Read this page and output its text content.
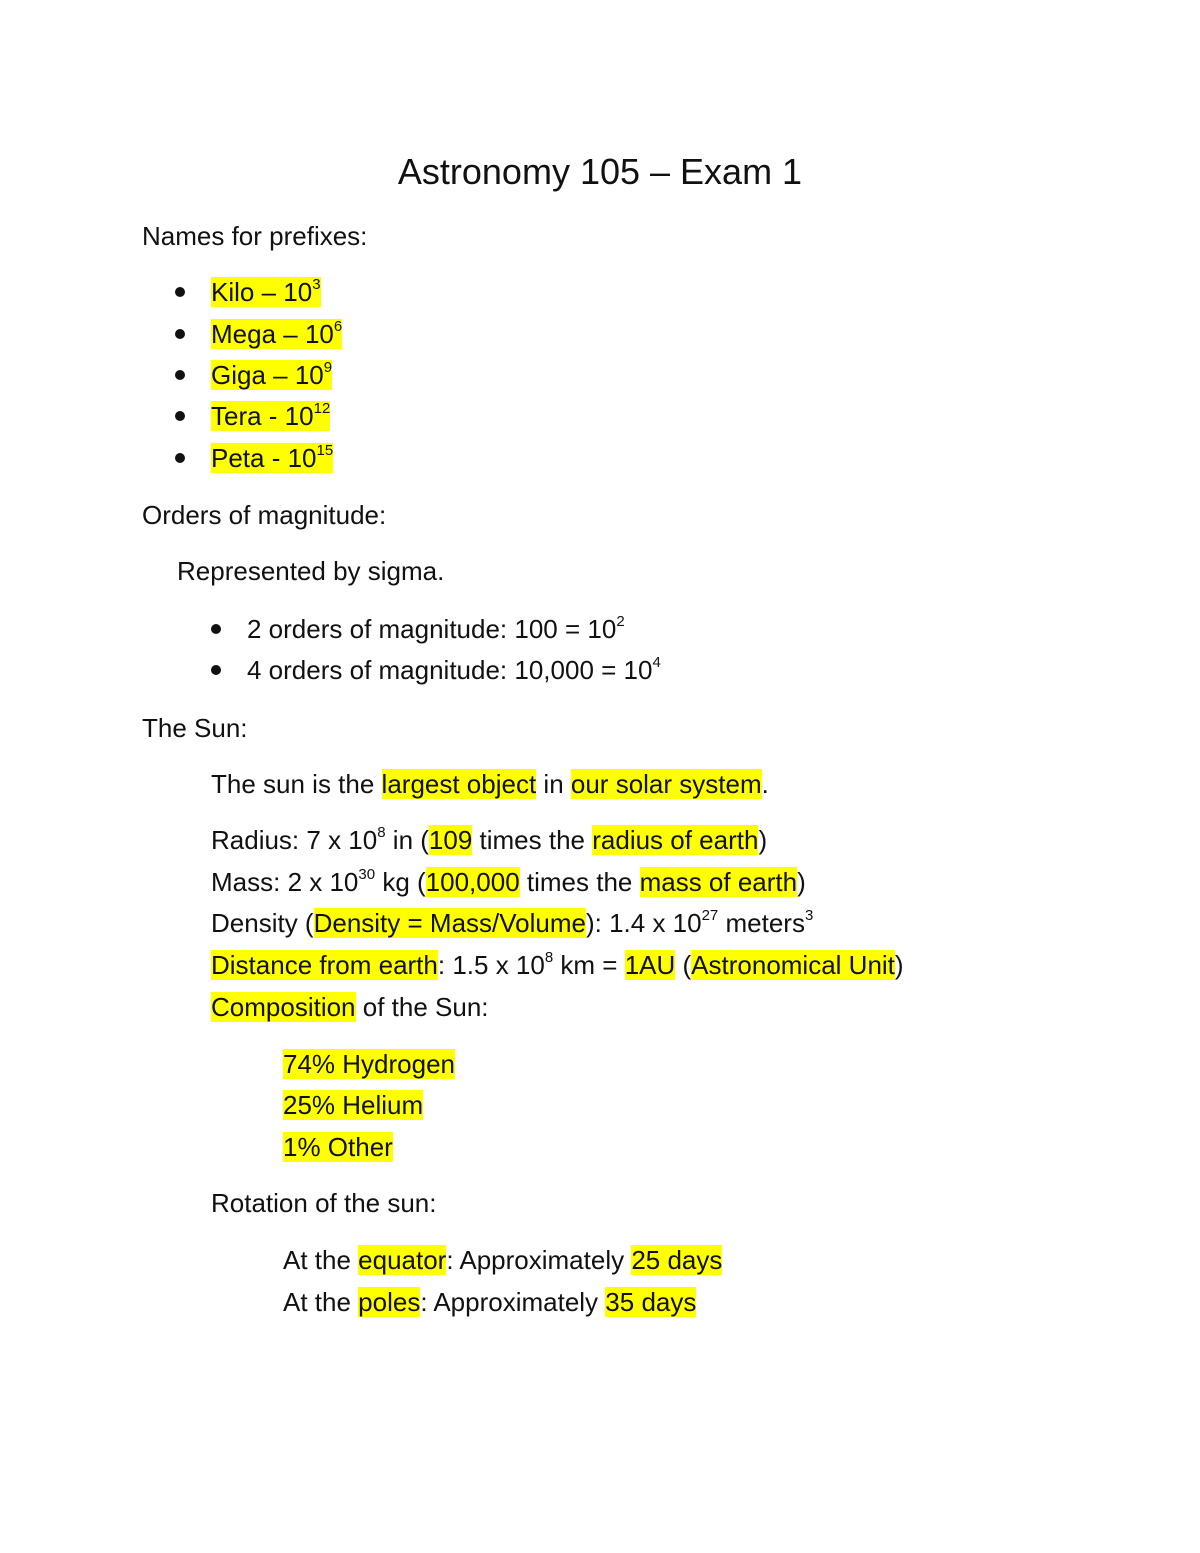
Astronomy 105 – Exam 1
Names for prefixes:
Kilo – $10^3$
Mega – $10^6$
Giga – $10^9$
Tera - $10^{12}$
Peta - $10^{15}$
Orders of magnitude:
Represented by sigma.
2 orders of magnitude: $100 = 10^2$
4 orders of magnitude: $10,000 = 10^4$
The Sun:
The sun is the largest object in our solar system.
Radius: 7 x $10^8$ in (109 times the radius of earth)
Mass: 2 x $10^{30}$ kg (100,000 times the mass of earth)
Density (Density = Mass/Volume): 1.4 x $10^{27}$ meters$^3$
Distance from earth: 1.5 x $10^8$ km = 1AU (Astronomical Unit)
Composition of the Sun:
74% Hydrogen
25% Helium
1% Other
Rotation of the sun:
At the equator: Approximately 25 days
At the poles: Approximately 35 days
